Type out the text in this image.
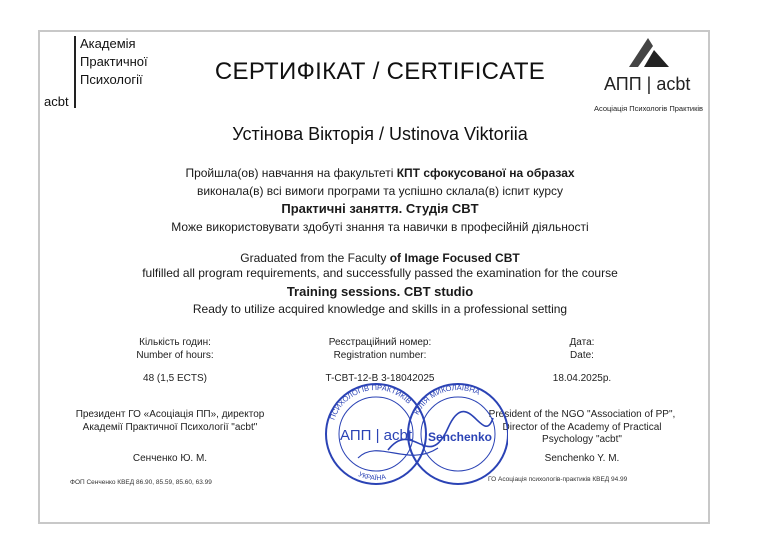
Академія
Практичної
Психології
acbt
СЕРТИФІКАТ / CERTIFICATE	АПП | acbt
Асоціація Психологів Практиків
Устінова Вікторія / Ustinova Viktoriia
Пройшла(ов) навчання на факультеті КПТ сфокусованої на образах
виконала(в) всі вимоги програми та успішно склала(в) іспит курсу
Практичні заняття. Студія CBT
Може використовувати здобуті знання та навички в професійній діяльності
Graduated from the Faculty of Image Focused CBT
fulfilled all program requirements, and successfully passed the examination for the course
Training sessions. CBT studio
Ready to utilize acquired knowledge and skills in a professional setting
Кількість годин:
Number of hours:
48 (1,5 ECTS)
Реєстраційний номер:
Registration number:
T-CBT-12-B 3-18042025
Дата:
Date:
18.04.2025р.
Президент ГО «Асоціація ПП», директор Академії Практичної Психології "acbt"
Сенченко Ю. М.
President of the NGO "Association of PP", Director of the Academy of Practical Psychology "acbt"
Senchenko Y. M.
ПСИХОЛОГІВ ПРАКТИКІВ
ЮЛІЯ МИКОЛАЇВНА
УКРАЇНА
АПП | acbt Senchenko
ФОП Сенченко КВЕД 86.90, 85.59, 85.60, 63.99	ГО Асоціація психологів-практиків КВЕД 94.99
